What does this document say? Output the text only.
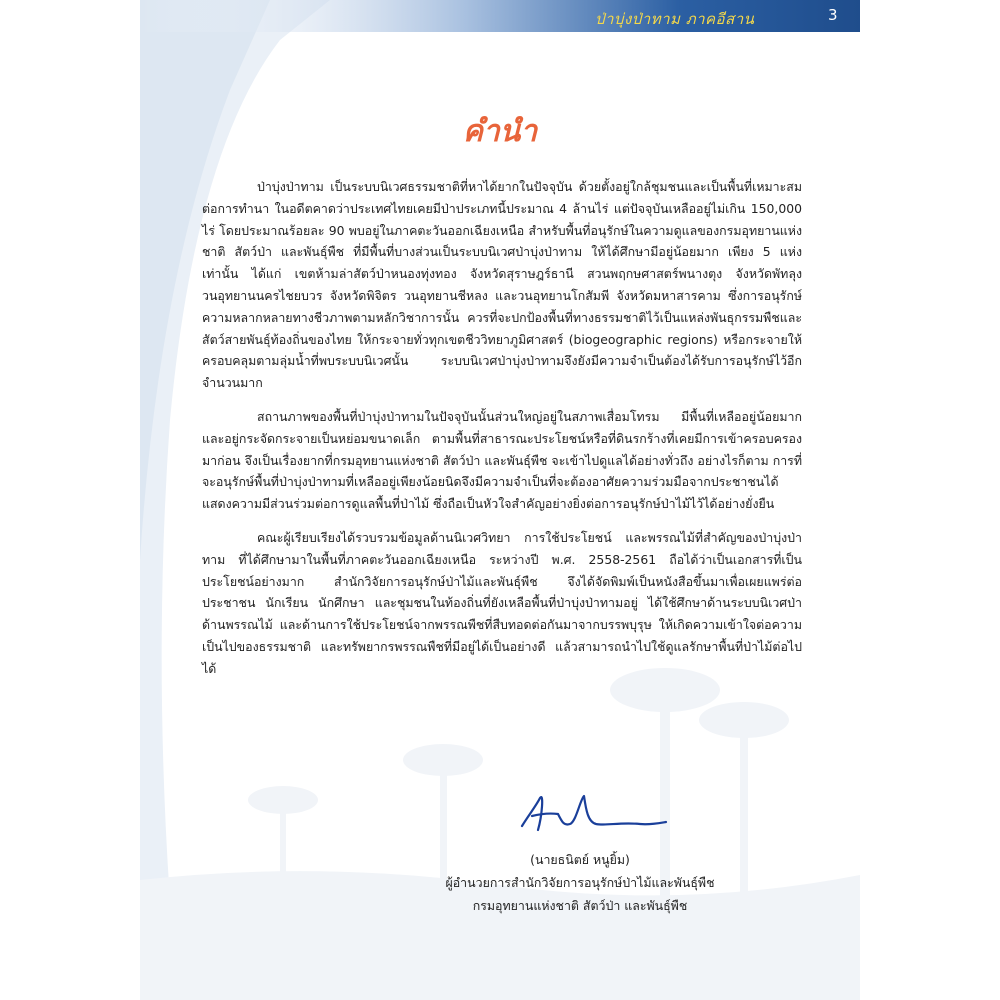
ป่าบุ่งป่าทาม ภาคอีสาน	3
คำนำ

ป่าบุ่งป่าทาม เป็นระบบนิเวศธรรมชาติที่หาได้ยากในปัจจุบัน ด้วยตั้งอยู่ใกล้ชุมชนและเป็นพื้นที่เหมาะสมต่อการทำนา ในอดีตคาดว่าประเทศไทยเคยมีป่าประเภทนี้ประมาณ 4 ล้านไร่ แต่ปัจจุบันเหลืออยู่ไม่เกิน 150,000 ไร่ โดยประมาณร้อยละ 90 พบอยู่ในภาคตะวันออกเฉียงเหนือ สำหรับพื้นที่อนุรักษ์ในความดูแลของกรมอุทยานแห่งชาติ สัตว์ป่า และพันธุ์พืช ที่มีพื้นที่บางส่วนเป็นระบบนิเวศป่าบุ่งป่าทาม ให้ได้ศึกษามีอยู่น้อยมาก เพียง 5 แห่งเท่านั้น ได้แก่ เขตห้ามล่าสัตว์ป่าหนองทุ่งทอง จังหวัดสุราษฎร์ธานี สวนพฤกษศาสตร์พนางตุง จังหวัดพัทลุง วนอุทยานนครไชยบวร จังหวัดพิจิตร วนอุทยานชีหลง และวนอุทยานโกสัมพี จังหวัดมหาสารคาม ซึ่งการอนุรักษ์ความหลากหลายทางชีวภาพตามหลักวิชาการนั้น ควรที่จะปกป้องพื้นที่ทางธรรมชาติไว้เป็นแหล่งพันธุกรรมพืชและสัตว์สายพันธุ์ท้องถิ่นของไทย ให้กระจายทั่วทุกเขตชีววิทยาภูมิศาสตร์ (biogeographic regions) หรือกระจายให้ครอบคลุมตามลุ่มน้ำที่พบระบบนิเวศนั้น ระบบนิเวศป่าบุ่งป่าทามจึงยังมีความจำเป็นต้องได้รับการอนุรักษ์ไว้อีกจำนวนมาก

สถานภาพของพื้นที่ป่าบุ่งป่าทามในปัจจุบันนั้นส่วนใหญ่อยู่ในสภาพเสื่อมโทรม มีพื้นที่เหลืออยู่น้อยมาก และอยู่กระจัดกระจายเป็นหย่อมขนาดเล็ก ตามพื้นที่สาธารณะประโยชน์หรือที่ดินรกร้างที่เคยมีการเข้าครอบครองมาก่อน จึงเป็นเรื่องยากที่กรมอุทยานแห่งชาติ สัตว์ป่า และพันธุ์พืช จะเข้าไปดูแลได้อย่างทั่วถึง อย่างไรก็ตาม การที่จะอนุรักษ์พื้นที่ป่าบุ่งป่าทามที่เหลืออยู่เพียงน้อยนิดจึงมีความจำเป็นที่จะต้องอาศัยความร่วมมือจากประชาชนได้แสดงความมีส่วนร่วมต่อการดูแลพื้นที่ป่าไม้ ซึ่งถือเป็นหัวใจสำคัญอย่างยิ่งต่อการอนุรักษ์ป่าไม้ไว้ได้อย่างยั่งยืน

คณะผู้เรียบเรียงได้รวบรวมข้อมูลด้านนิเวศวิทยา การใช้ประโยชน์ และพรรณไม้ที่สำคัญของป่าบุ่งป่าทาม ที่ได้ศึกษามาในพื้นที่ภาคตะวันออกเฉียงเหนือ ระหว่างปี พ.ศ. 2558-2561 ถือได้ว่าเป็นเอกสารที่เป็นประโยชน์อย่างมาก สำนักวิจัยการอนุรักษ์ป่าไม้และพันธุ์พืช จึงได้จัดพิมพ์เป็นหนังสือขึ้นมาเพื่อเผยแพร่ต่อประชาชน นักเรียน นักศึกษา และชุมชนในท้องถิ่นที่ยังเหลือพื้นที่ป่าบุ่งป่าทามอยู่ ได้ใช้ศึกษาด้านระบบนิเวศป่า ด้านพรรณไม้ และด้านการใช้ประโยชน์จากพรรณพืชที่สืบทอดต่อกันมาจากบรรพบุรุษ ให้เกิดความเข้าใจต่อความเป็นไปของธรรมชาติ และทรัพยากรพรรณพืชที่มีอยู่ได้เป็นอย่างดี แล้วสามารถนำไปใช้ดูแลรักษาพื้นที่ป่าไม้ต่อไปได้

(นายธนิตย์ หนูยิ้ม)
ผู้อำนวยการสำนักวิจัยการอนุรักษ์ป่าไม้และพันธุ์พืช
กรมอุทยานแห่งชาติ สัตว์ป่า และพันธุ์พืช
